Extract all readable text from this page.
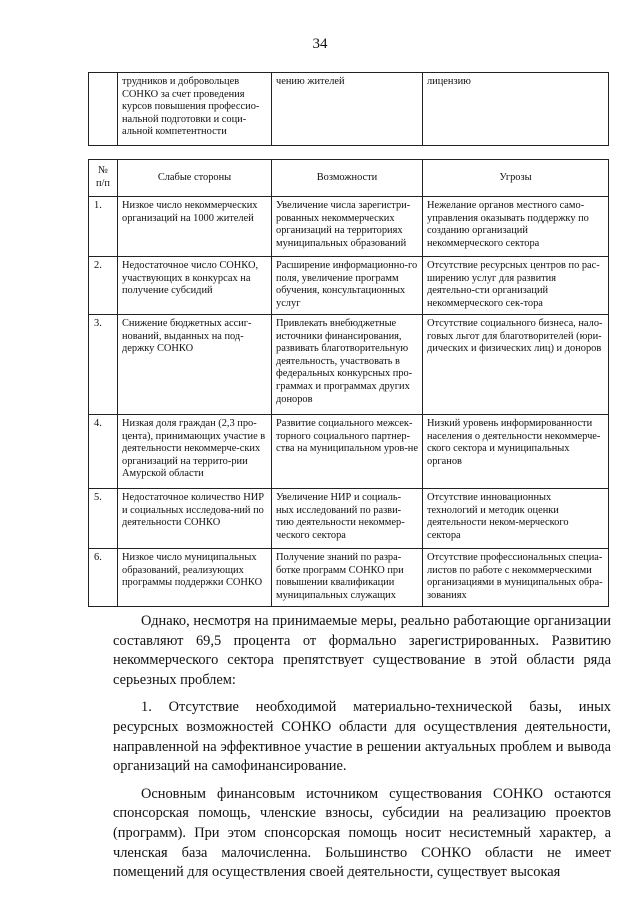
34
	трудников и добровольцев СОНКО за счет проведения курсов повышения профессио-нальной подготовки и соци-альной компетентности	чению жителей	лицензию
№ п/п	Слабые стороны	Возможности	Угрозы
1.	Низкое число некоммерческих организаций на 1000 жителей	Увеличение числа зарегистри-рованных некоммерческих организаций на территориях муниципальных образований	Нежелание органов местного само-управления оказывать поддержку по созданию организаций некоммерческого сектора
2.	Недостаточное число СОНКО, участвующих в конкурсах на получение субсидий	Расширение информационно-го поля, увеличение программ обучения, консультационных услуг	Отсутствие ресурсных центров по рас-ширению услуг для развития деятельно-сти организаций некоммерческого сек-тора
3.	Снижение бюджетных ассиг-нований, выданных на под-держку СОНКО	Привлекать внебюджетные источники финансирования, развивать благотворительную деятельность, участвовать в федеральных конкурсных про-граммах и программах других доноров	Отсутствие социального бизнеса, нало-говых льгот для благотворителей (юри-дических и физических лиц) и доноров
4.	Низкая доля граждан (2,3 про-цента), принимающих участие в деятельности некоммерче-ских организаций на террито-рии Амурской области	Развитие социального межсек-торного социального партнер-ства на муниципальном уров-не	Низкий уровень информированности населения о деятельности некоммерче-ского сектора и муниципальных органов
5.	Недостаточное количество НИР и социальных исследова-ний по деятельности СОНКО	Увеличение НИР и социаль-ных исследований по разви-тию деятельности некоммер-ческого сектора	Отсутствие инновационных технологий и методик оценки деятельности неком-мерческого сектора
6.	Низкое число муниципальных образований, реализующих программы поддержки СОНКО	Получение знаний по разра-ботке программ СОНКО при повышении квалификации муниципальных служащих	Отсутствие профессиональных специа-листов по работе с некоммерческими организациями в муниципальных обра-зованиях

Однако, несмотря на принимаемые меры, реально работающие организации составляют 69,5 процента от формально зарегистрированных. Развитию некоммерческого сектора препятствует существование в этой области ряда серьезных проблем:

1. Отсутствие необходимой материально-технической базы, иных ресурсных возможностей СОНКО области для осуществления деятельности, направленной на эффективное участие в решении актуальных проблем и вывода организаций на самофинансирование.

Основным финансовым источником существования СОНКО остаются спонсорская помощь, членские взносы, субсидии на реализацию проектов (программ). При этом спонсорская помощь носит несистемный характер, а членская база малочисленна. Большинство СОНКО области не имеет помещений для осуществления своей деятельности, существует высокая
